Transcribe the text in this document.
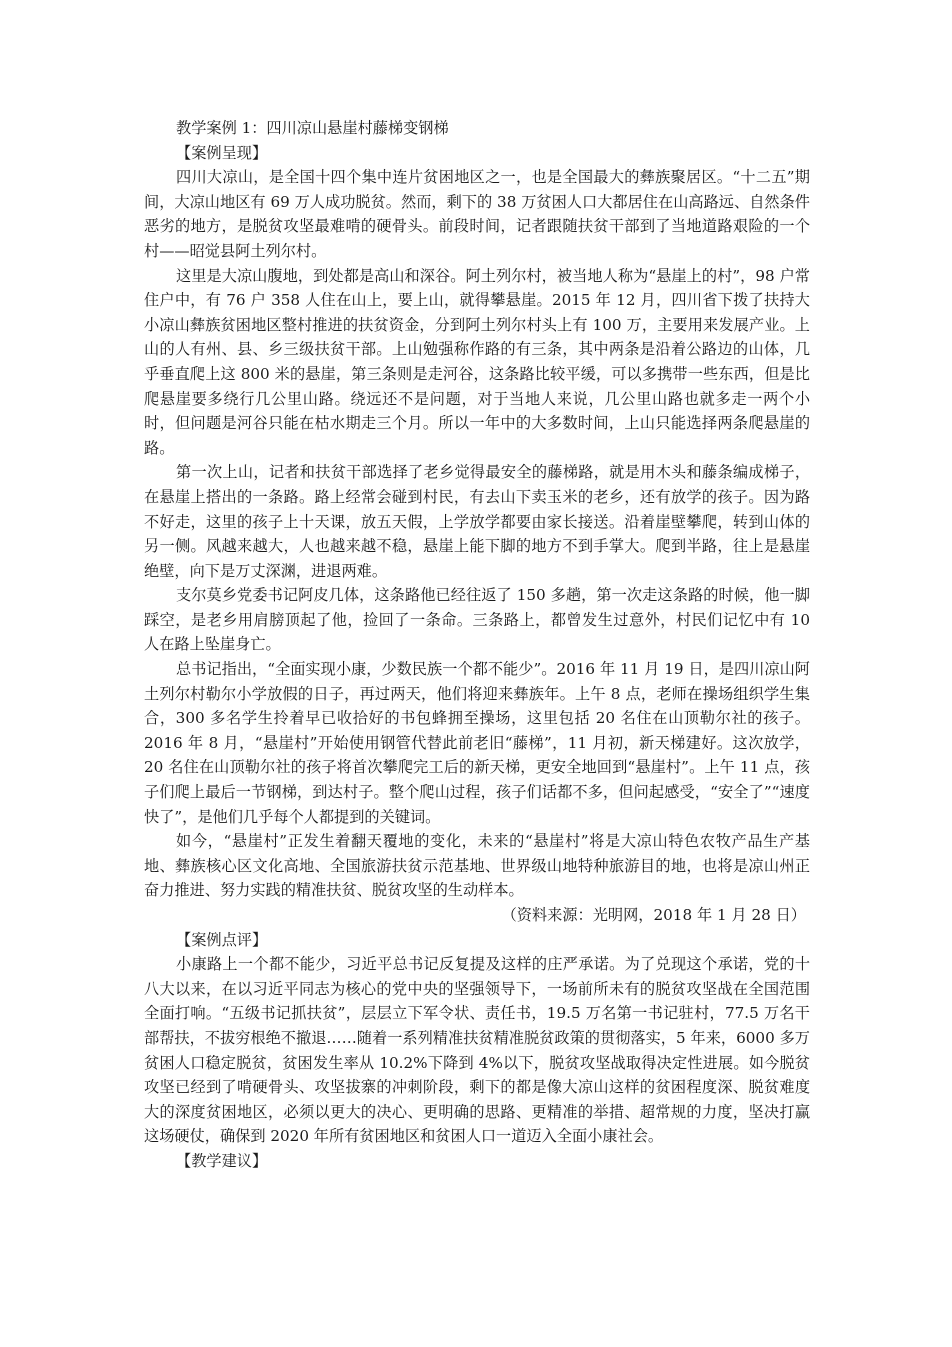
教学案例 1：四川凉山悬崖村藤梯变钢梯

【案例呈现】

四川大凉山，是全国十四个集中连片贫困地区之一，也是全国最大的彝族聚居区。“十二五”期间，大凉山地区有 69 万人成功脱贫。然而，剩下的 38 万贫困人口大都居住在山高路远、自然条件恶劣的地方，是脱贫攻坚最难啃的硬骨头。前段时间，记者跟随扶贫干部到了当地道路艰险的一个村——昭觉县阿土列尔村。

这里是大凉山腹地，到处都是高山和深谷。阿土列尔村，被当地人称为“悬崖上的村”，98 户常住户中，有 76 户 358 人住在山上，要上山，就得攀悬崖。2015 年 12 月，四川省下拨了扶持大小凉山彝族贫困地区整村推进的扶贫资金，分到阿土列尔村头上有 100 万，主要用来发展产业。上山的人有州、县、乡三级扶贫干部。上山勉强称作路的有三条，其中两条是沿着公路边的山体，几乎垂直爬上这 800 米的悬崖，第三条则是走河谷，这条路比较平缓，可以多携带一些东西，但是比爬悬崖要多绕行几公里山路。绕远还不是问题，对于当地人来说，几公里山路也就多走一两个小时，但问题是河谷只能在枯水期走三个月。所以一年中的大多数时间，上山只能选择两条爬悬崖的路。

第一次上山，记者和扶贫干部选择了老乡觉得最安全的藤梯路，就是用木头和藤条编成梯子，在悬崖上搭出的一条路。路上经常会碰到村民，有去山下卖玉米的老乡，还有放学的孩子。因为路不好走，这里的孩子上十天课，放五天假，上学放学都要由家长接送。沿着崖壁攀爬，转到山体的另一侧。风越来越大，人也越来越不稳，悬崖上能下脚的地方不到手掌大。爬到半路，往上是悬崖绝壁，向下是万丈深渊，进退两难。

支尔莫乡党委书记阿皮几体，这条路他已经往返了 150 多趟，第一次走这条路的时候，他一脚踩空，是老乡用肩膀顶起了他，捡回了一条命。三条路上，都曾发生过意外，村民们记忆中有 10 人在路上坠崖身亡。

总书记指出，“全面实现小康，少数民族一个都不能少”。2016 年 11 月 19 日，是四川凉山阿土列尔村勒尔小学放假的日子，再过两天，他们将迎来彝族年。上午 8 点，老师在操场组织学生集合，300 多名学生拎着早已收拾好的书包蜂拥至操场，这里包括 20 名住在山顶勒尔社的孩子。2016 年 8 月，“悬崖村”开始使用钢管代替此前老旧“藤梯”，11 月初，新天梯建好。这次放学，20 名住在山顶勒尔社的孩子将首次攀爬完工后的新天梯，更安全地回到“悬崖村”。上午 11 点，孩子们爬上最后一节钢梯，到达村子。整个爬山过程，孩子们话都不多，但问起感受，“安全了”“速度快了”，是他们几乎每个人都提到的关键词。

如今，“悬崖村”正发生着翻天覆地的变化，未来的“悬崖村”将是大凉山特色农牧产品生产基地、彝族核心区文化高地、全国旅游扶贫示范基地、世界级山地特种旅游目的地，也将是凉山州正奋力推进、努力实践的精准扶贫、脱贫攻坚的生动样本。

（资料来源：光明网，2018 年 1 月 28 日）

【案例点评】

小康路上一个都不能少，习近平总书记反复提及这样的庄严承诺。为了兑现这个承诺，党的十八大以来，在以习近平同志为核心的党中央的坚强领导下，一场前所未有的脱贫攻坚战在全国范围全面打响。“五级书记抓扶贫”，层层立下军令状、责任书，19.5 万名第一书记驻村，77.5 万名干部帮扶，不拔穷根绝不撤退……随着一系列精准扶贫精准脱贫政策的贯彻落实，5 年来，6000 多万贫困人口稳定脱贫，贫困发生率从 10.2%下降到 4%以下，脱贫攻坚战取得决定性进展。如今脱贫攻坚已经到了啃硬骨头、攻坚拔寨的冲刺阶段，剩下的都是像大凉山这样的贫困程度深、脱贫难度大的深度贫困地区，必须以更大的决心、更明确的思路、更精准的举措、超常规的力度，坚决打赢这场硬仗，确保到 2020 年所有贫困地区和贫困人口一道迈入全面小康社会。

【教学建议】
